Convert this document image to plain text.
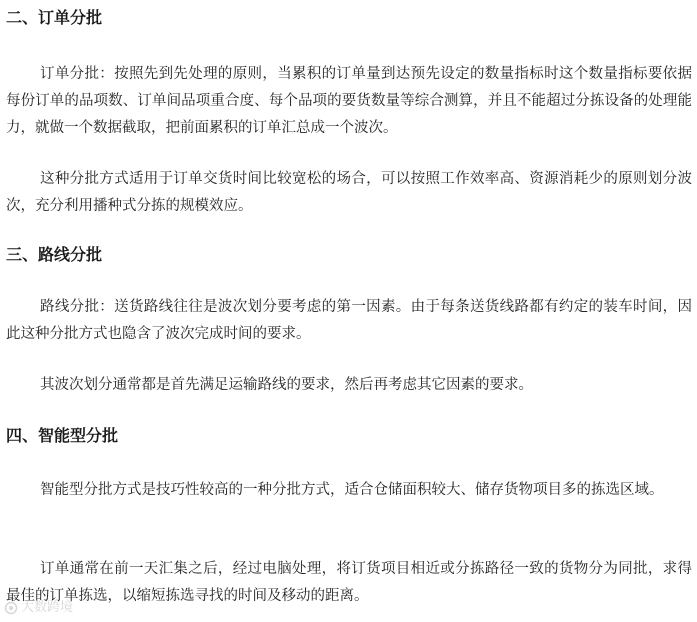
二、订单分批
订单分批：按照先到先处理的原则，当累积的订单量到达预先设定的数量指标时这个数量指标要依据每份订单的品项数、订单间品项重合度、每个品项的要货数量等综合测算，并且不能超过分拣设备的处理能力，就做一个数据截取，把前面累积的订单汇总成一个波次。
这种分批方式适用于订单交货时间比较宽松的场合，可以按照工作效率高、资源消耗少的原则划分波次，充分利用播种式分拣的规模效应。
三、路线分批
路线分批：送货路线往往是波次划分要考虑的第一因素。由于每条送货线路都有约定的装车时间，因此这种分批方式也隐含了波次完成时间的要求。
其波次划分通常都是首先满足运输路线的要求，然后再考虑其它因素的要求。
四、智能型分批
智能型分批方式是技巧性较高的一种分批方式，适合仓储面积较大、储存货物项目多的拣选区域。
订单通常在前一天汇集之后，经过电脑处理，将订货项目相近或分拣路径一致的货物分为同批，求得最佳的订单拣选，以缩短拣选寻找的时间及移动的距离。
大数跨境
